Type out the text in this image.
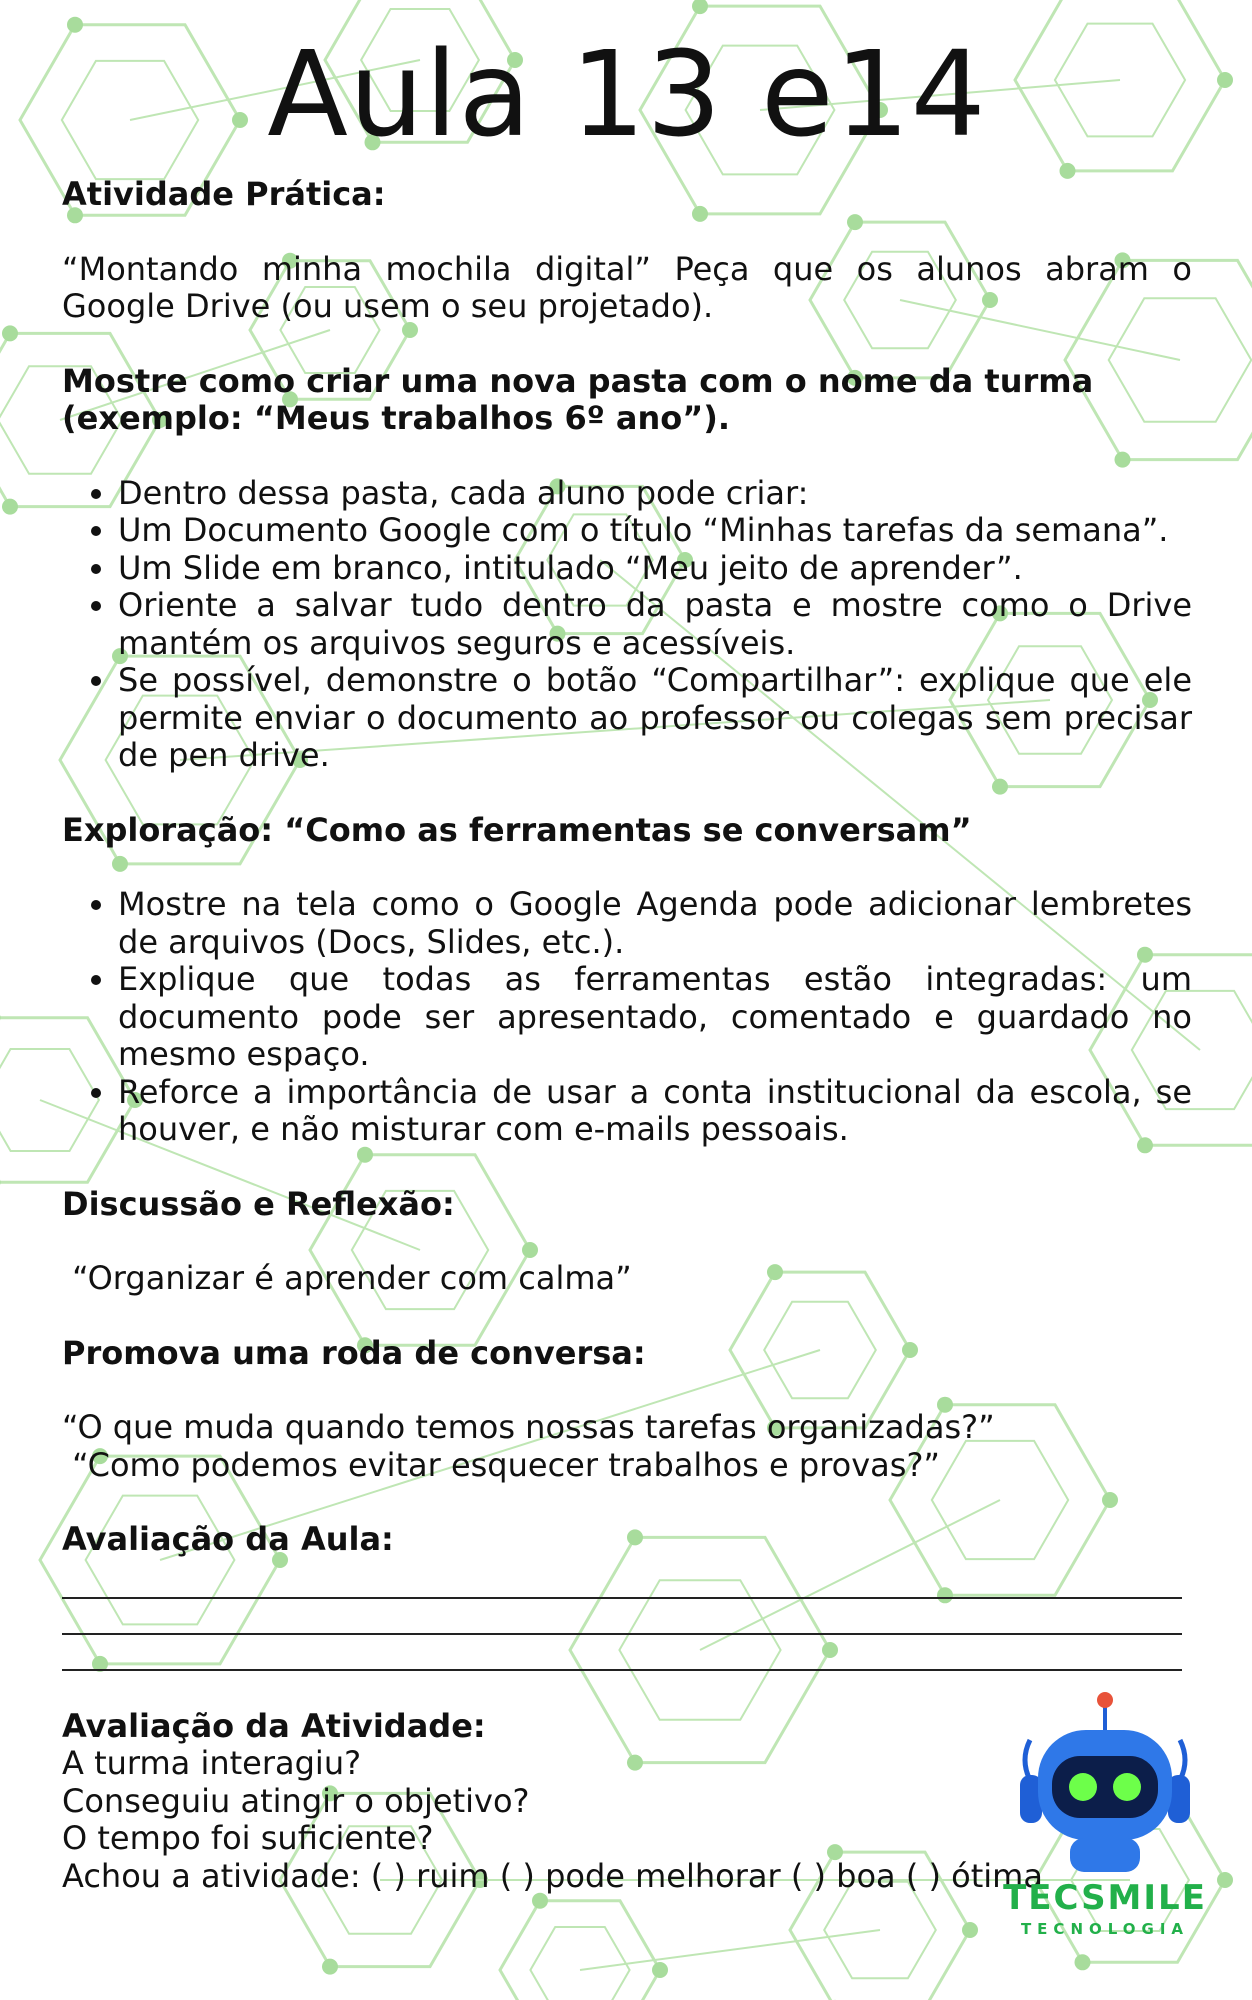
Aula 13 e14
Atividade Prática:
“Montando minha mochila digital” Peça que os alunos abram o Google Drive (ou usem o seu projetado).
Mostre como criar uma nova pasta com o nome da turma (exemplo: “Meus trabalhos 6º ano”).
• Dentro dessa pasta, cada aluno pode criar:
• Um Documento Google com o título “Minhas tarefas da semana”.
• Um Slide em branco, intitulado “Meu jeito de aprender”.
• Oriente a salvar tudo dentro da pasta e mostre como o Drive mantém os arquivos seguros e acessíveis.
• Se possível, demonstre o botão “Compartilhar”: explique que ele permite enviar o documento ao professor ou colegas sem precisar de pen drive.
Exploração: “Como as ferramentas se conversam”
• Mostre na tela como o Google Agenda pode adicionar lembretes de arquivos (Docs, Slides, etc.).
• Explique que todas as ferramentas estão integradas: um documento pode ser apresentado, comentado e guardado no mesmo espaço.
• Reforce a importância de usar a conta institucional da escola, se houver, e não misturar com e-mails pessoais.
Discussão e Reflexão:
“Organizar é aprender com calma”
Promova uma roda de conversa:
“O que muda quando temos nossas tarefas organizadas?”
“Como podemos evitar esquecer trabalhos e provas?”
Avaliação da Aula:
Avaliação da Atividade:
A turma interagiu?
Conseguiu atingir o objetivo?
O tempo foi suficiente?
Achou a atividade: ( ) ruim ( ) pode melhorar ( ) boa ( ) ótima
TECSMILE
TECNOLOGIA
